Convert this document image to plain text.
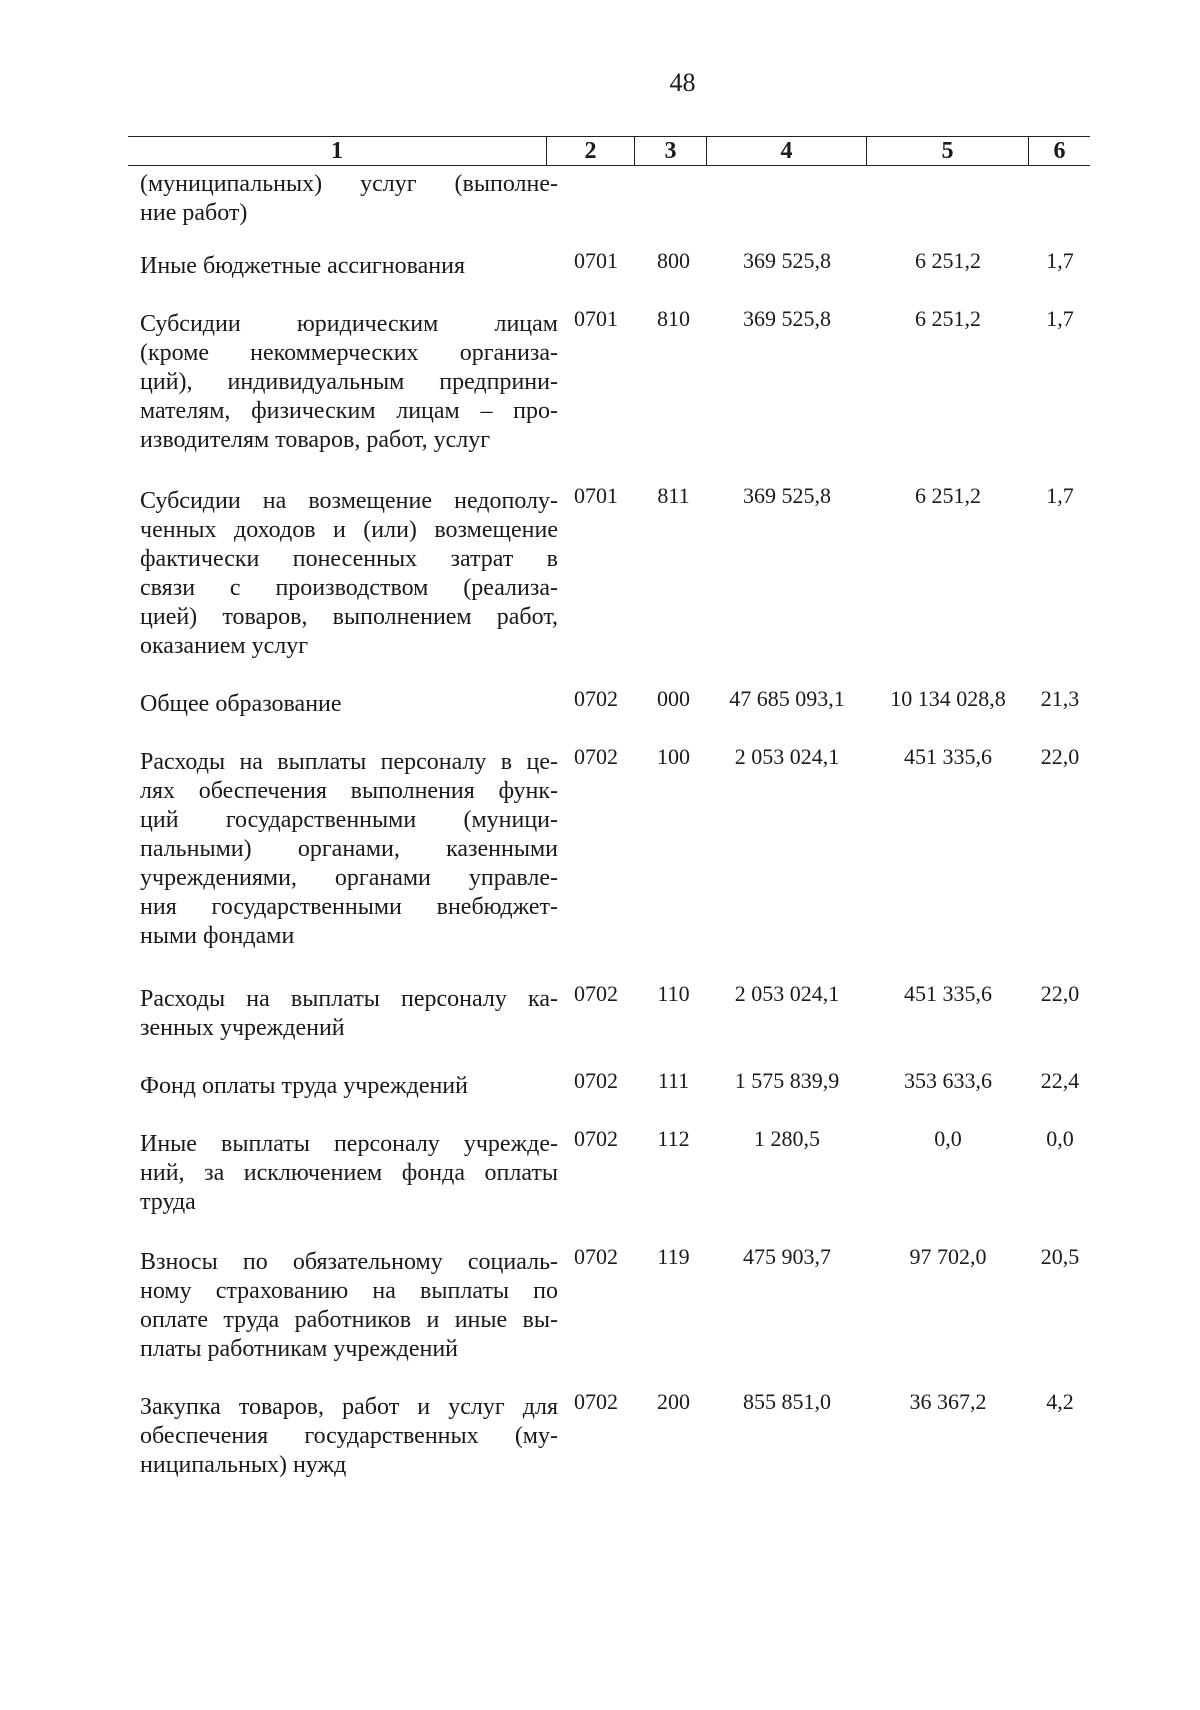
48
1	2	3	4	5	6
(муниципальных) услуг (выполне-
ние работ)
Иные бюджетные ассигнования	0701	800	369 525,8	6 251,2	1,7
Субсидии юридическим лицам
(кроме некоммерческих организа-
ций), индивидуальным предприни-
мателям, физическим лицам – про-
изводителям товаров, работ, услуг
0701	810	369 525,8	6 251,2	1,7
Субсидии на возмещение недополу-
ченных доходов и (или) возмещение
фактически понесенных затрат в
связи с производством (реализа-
цией) товаров, выполнением работ,
оказанием услуг
0701	811	369 525,8	6 251,2	1,7
Общее образование	0702	000	47 685 093,1	10 134 028,8	21,3
Расходы на выплаты персоналу в це-
лях обеспечения выполнения функ-
ций государственными (муници-
пальными) органами, казенными
учреждениями, органами управле-
ния государственными внебюджет-
ными фондами
0702	100	2 053 024,1	451 335,6	22,0
Расходы на выплаты персоналу ка-
зенных учреждений
0702	110	2 053 024,1	451 335,6	22,0
Фонд оплаты труда учреждений	0702	111	1 575 839,9	353 633,6	22,4
Иные выплаты персоналу учрежде-
ний, за исключением фонда оплаты
труда
0702	112	1 280,5	0,0	0,0
Взносы по обязательному социаль-
ному страхованию на выплаты по
оплате труда работников и иные вы-
платы работникам учреждений
0702	119	475 903,7	97 702,0	20,5
Закупка товаров, работ и услуг для
обеспечения государственных (му-
ниципальных) нужд
0702	200	855 851,0	36 367,2	4,2
